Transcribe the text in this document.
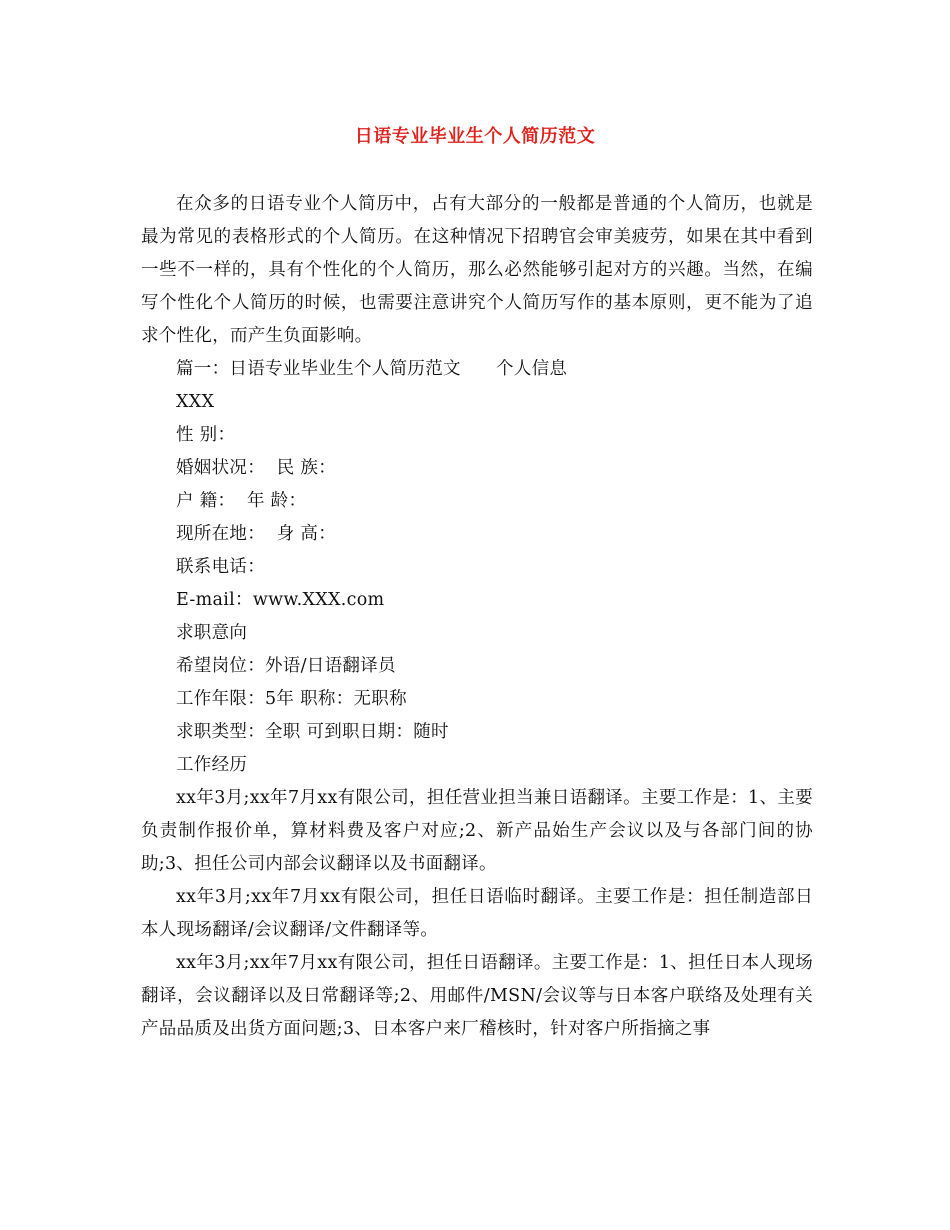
日语专业毕业生个人简历范文

在众多的日语专业个人简历中，占有大部分的一般都是普通的个人简历，也就是最为常见的表格形式的个人简历。在这种情况下招聘官会审美疲劳，如果在其中看到一些不一样的，具有个性化的个人简历，那么必然能够引起对方的兴趣。当然，在编写个性化个人简历的时候，也需要注意讲究个人简历写作的基本原则，更不能为了追求个性化，而产生负面影响。

篇一：日语专业毕业生个人简历范文      个人信息

XXX

性 别：

婚姻状况：  民 族：

户 籍：  年 龄：

现所在地：  身 高：

联系电话：

E-mail：www.XXX.com

求职意向

希望岗位：外语/日语翻译员

工作年限：5年 职称：无职称

求职类型：全职 可到职日期：随时

工作经历

xx年3月;xx年7月xx有限公司，担任营业担当兼日语翻译。主要工作是：1、主要负责制作报价单，算材料费及客户对应;2、新产品始生产会议以及与各部门间的协助;3、担任公司内部会议翻译以及书面翻译。

xx年3月;xx年7月xx有限公司，担任日语临时翻译。主要工作是：担任制造部日本人现场翻译/会议翻译/文件翻译等。

xx年3月;xx年7月xx有限公司，担任日语翻译。主要工作是：1、担任日本人现场翻译，会议翻译以及日常翻译等;2、用邮件/MSN/会议等与日本客户联络及处理有关产品品质及出货方面问题;3、日本客户来厂稽核时，针对客户所指摘之事
